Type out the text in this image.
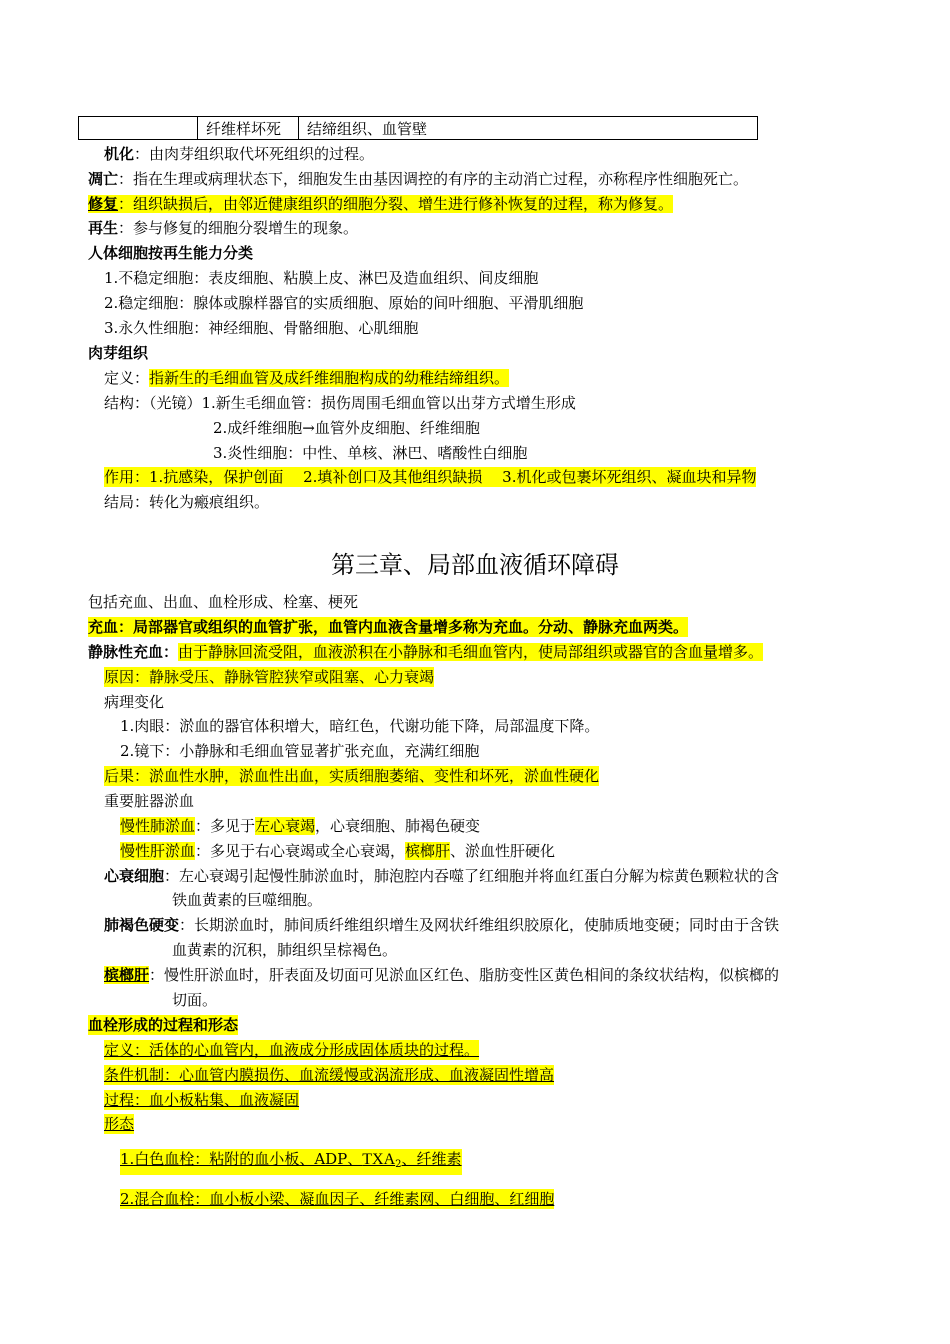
	纤维样坏死	结缔组织、血管壁
机化：由肉芽组织取代坏死组织的过程。
凋亡：指在生理或病理状态下，细胞发生由基因调控的有序的主动消亡过程，亦称程序性细胞死亡。
修复：组织缺损后，由邻近健康组织的细胞分裂、增生进行修补恢复的过程，称为修复。
再生：参与修复的细胞分裂增生的现象。
人体细胞按再生能力分类
1.不稳定细胞：表皮细胞、粘膜上皮、淋巴及造血组织、间皮细胞
2.稳定细胞：腺体或腺样器官的实质细胞、原始的间叶细胞、平滑肌细胞
3.永久性细胞：神经细胞、骨骼细胞、心肌细胞
肉芽组织
定义：指新生的毛细血管及成纤维细胞构成的幼稚结缔组织。
结构：（光镜）1.新生毛细血管：损伤周围毛细血管以出芽方式增生形成
2.成纤维细胞→血管外皮细胞、纤维细胞
3.炎性细胞：中性、单核、淋巴、嗜酸性白细胞
作用：1.抗感染，保护创面　 2.填补创口及其他组织缺损　 3.机化或包裹坏死组织、凝血块和异物
结局：转化为瘢痕组织。
第三章、局部血液循环障碍
包括充血、出血、血栓形成、栓塞、梗死
充血：局部器官或组织的血管扩张，血管内血液含量增多称为充血。分动、静脉充血两类。
静脉性充血：由于静脉回流受阻，血液淤积在小静脉和毛细血管内，使局部组织或器官的含血量增多。
原因：静脉受压、静脉管腔狭窄或阻塞、心力衰竭
病理变化
1.肉眼：淤血的器官体积增大，暗红色，代谢功能下降，局部温度下降。
2.镜下：小静脉和毛细血管显著扩张充血，充满红细胞
后果：淤血性水肿，淤血性出血，实质细胞萎缩、变性和坏死，淤血性硬化
重要脏器淤血
慢性肺淤血：多见于左心衰竭，心衰细胞、肺褐色硬变
慢性肝淤血：多见于右心衰竭或全心衰竭，槟榔肝、淤血性肝硬化
心衰细胞：左心衰竭引起慢性肺淤血时，肺泡腔内吞噬了红细胞并将血红蛋白分解为棕黄色颗粒状的含
铁血黄素的巨噬细胞。
肺褐色硬变：长期淤血时，肺间质纤维组织增生及网状纤维组织胶原化，使肺质地变硬；同时由于含铁
血黄素的沉积，肺组织呈棕褐色。
槟榔肝：慢性肝淤血时，肝表面及切面可见淤血区红色、脂肪变性区黄色相间的条纹状结构，似槟榔的
切面。
血栓形成的过程和形态
定义：活体的心血管内，血液成分形成固体质块的过程。
条件机制：心血管内膜损伤、血流缓慢或涡流形成、血液凝固性增高
过程：血小板粘集、血液凝固
形态
1.白色血栓：粘附的血小板、ADP、$TXA_2$、纤维素
2.混合血栓：血小板小梁、凝血因子、纤维素网、白细胞、红细胞
